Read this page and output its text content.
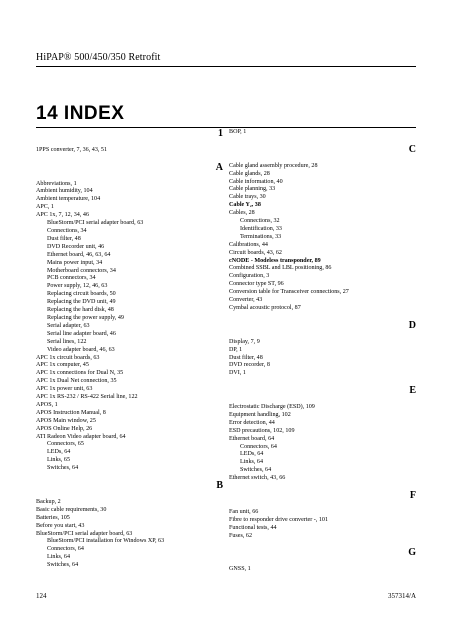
HiPAP® 500/450/350 Retrofit
14 INDEX
1
1PPS converter, 7, 36, 43, 51
A
Abbreviations, 1
Ambient humidity, 104
Ambient temperature, 104
APC, 1
APC 1x, 7, 12, 34, 46
BlueStorm/PCI serial adapter board, 63
Connections, 34
Dust filter, 48
DVD Recorder unit, 46
Ethernet board, 46, 63, 64
Mains power input, 34
Motherboard connectors, 34
PCB connectors, 34
Power supply, 12, 46, 63
Replacing circuit boards, 50
Replacing the DVD unit, 49
Replacing the hard disk, 48
Replacing the power supply, 49
Serial adapter, 63
Serial line adapter board, 46
Serial lines, 122
Video adapter board, 46, 63
APC 1x circuit boards, 63
APC 1x computer, 45
APC 1x connections for Dual N, 35
APC 1x Dual Net connection, 35
APC 1x power unit, 63
APC 1x RS-232 / RS-422 Serial line, 122
APOS, 1
APOS Instruction Manual, 8
APOS Main window, 25
APOS Online Help, 26
ATI Radeon Video adapter board, 64
Connectors, 65
LEDs, 64
Links, 65
Switches, 64
B
Backup, 2
Basic cable requirements, 30
Batteries, 105
Before you start, 43
BlueStorm/PCI serial adapter board, 63
BlueStorm/PCI installation for Windows XP, 63
Connectors, 64
Links, 64
Switches, 64
BOP, 1
C
Cable gland assembly procedure, 28
Cable glands, 28
Cable information, 40
Cable planning, 33
Cable trays, 30
Cable Y₂, 38
Cables, 28
Connections, 32
Identification, 33
Terminations, 33
Calibrations, 44
Circuit boards, 43, 62
cNODE - Modeless transponder, 89
Combined SSBL and LBL positioning, 86
Configuration, 3
Connector type ST, 96
Conversion table for Transceiver connections, 27
Converter, 43
Cymbal acoustic protocol, 87
D
Display, 7, 9
DP, 1
Dust filter, 48
DVD recorder, 8
DVI, 1
E
Electrostatic Discharge (ESD), 109
Equipment handling, 102
Error detection, 44
ESD precautions, 102, 109
Ethernet board, 64
Connectors, 64
LEDs, 64
Links, 64
Switches, 64
Ethernet switch, 43, 66
F
Fan unit, 66
Fibre to responder drive converter -, 101
Functional tests, 44
Fuses, 62
G
GNSS, 1
124	357314/A
